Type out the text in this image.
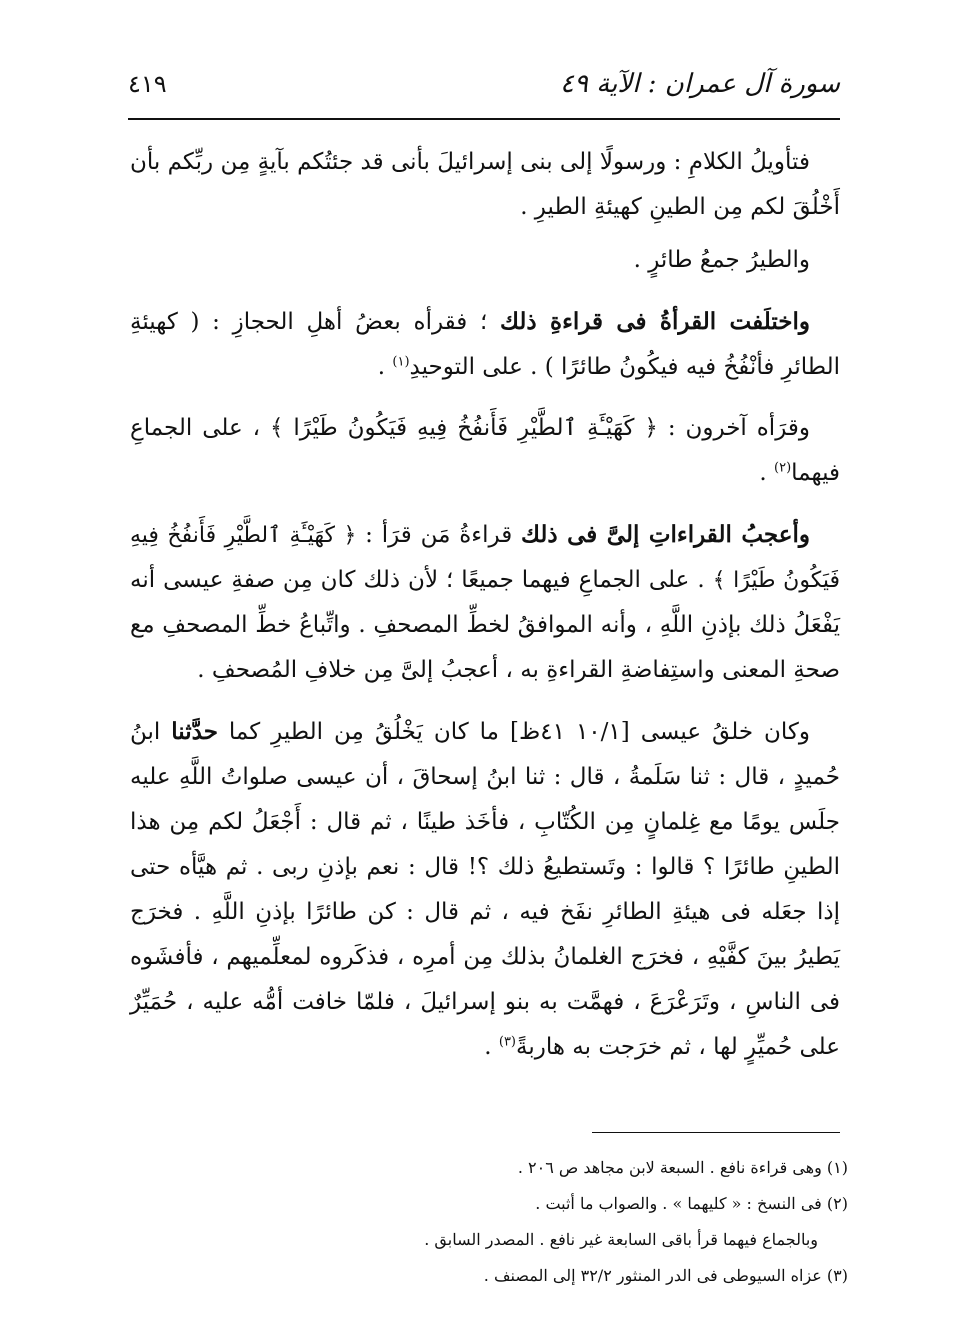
سورة آل عمران : الآية ٤٩
٤١٩

فتأويلُ الكلامِ : ورسولًا إلى بنى إسرائيلَ بأنى قد جئتُكم بآيةٍ مِن ربِّكم بأن أَخْلُقَ لكم مِن الطينِ كهيئةِ الطيرِ .

والطيرُ جمعُ طائرٍ .

واختلَفت القرأةُ فى قراءةِ ذلك ؛ فقرأه بعضُ أهلِ الحجازِ : ( كهيئةِ الطائرِ فأنْفُخُ فيه فيكُونُ طائرًا ) . على التوحيدِ$^{(١)}$ .

وقرَأه آخرون : ﴿ كَهَيْـَٔةِ ٱلطَّيْرِ فَأَنفُخُ فِيهِ فَيَكُونُ طَيْرًا ﴾ ، على الجماعِ فيهما$^{(٢)}$ .

وأعجبُ القراءاتِ إلىَّ فى ذلك قراءةُ مَن قرَأ : ﴿ كَهَيْـَٔةِ ٱلطَّيْرِ فَأَنفُخُ فِيهِ فَيَكُونُ طَيْرًا ﴾ . على الجماعِ فيهما جميعًا ؛ لأن ذلك كان مِن صفةِ عيسى أنه يَفْعَلُ ذلك بإذنِ اللَّهِ ، وأنه الموافقُ لخطِّ المصحفِ . واتِّباعُ خطِّ المصحفِ مع صحةِ المعنى واستِفاضةِ القراءةِ به ، أعجبُ إلىَّ مِن خلافِ المُصحفِ .

وكان خلقُ عيسى [١٠/١ ٤١ظ] ما كان يَخْلُقُ مِن الطيرِ كما حدَّثنا ابنُ حُميدٍ ، قال : ثنا سَلَمةُ ، قال : ثنا ابنُ إسحاقَ ، أن عيسى صلواتُ اللَّهِ عليه جلَس يومًا مع غِلمانٍ مِن الكُتّابِ ، فأخَذ طينًا ، ثم قال : أَجْعَلُ لكم مِن هذا الطينِ طائرًا ؟ قالوا : وتَستطيعُ ذلك ؟! قال : نعم بإذنِ ربى . ثم هيَّأه حتى إذا جعَله فى هيئةِ الطائرِ نفَخ فيه ، ثم قال : كن طائرًا بإذنِ اللَّهِ . فخرَج يَطيرُ بينَ كفَّيْهِ ، فخرَج الغلمانُ بذلك مِن أمرِه ، فذكَروه لمعلِّميهم ، فأفشَوه فى الناسِ ، وتَرَعْرَعَ ، فهمَّت به بنو إسرائيلَ ، فلمّا خافت أمُّه عليه ، حُمَيِّرٌ على حُميِّرٍ لها ، ثم خرَجت به هاربةً$^{(٣)}$ .

(١) وهى قراءة نافع . السبعة لابن مجاهد ص ٢٠٦ .

(٢) فى النسخ : « كليهما » . والصواب ما أثبت .

وبالجماع فيهما قرأ باقى السابعة غير نافع . المصدر السابق .

(٣) عزاه السيوطى فى الدر المنثور ٣٢/٢ إلى المصنف .
